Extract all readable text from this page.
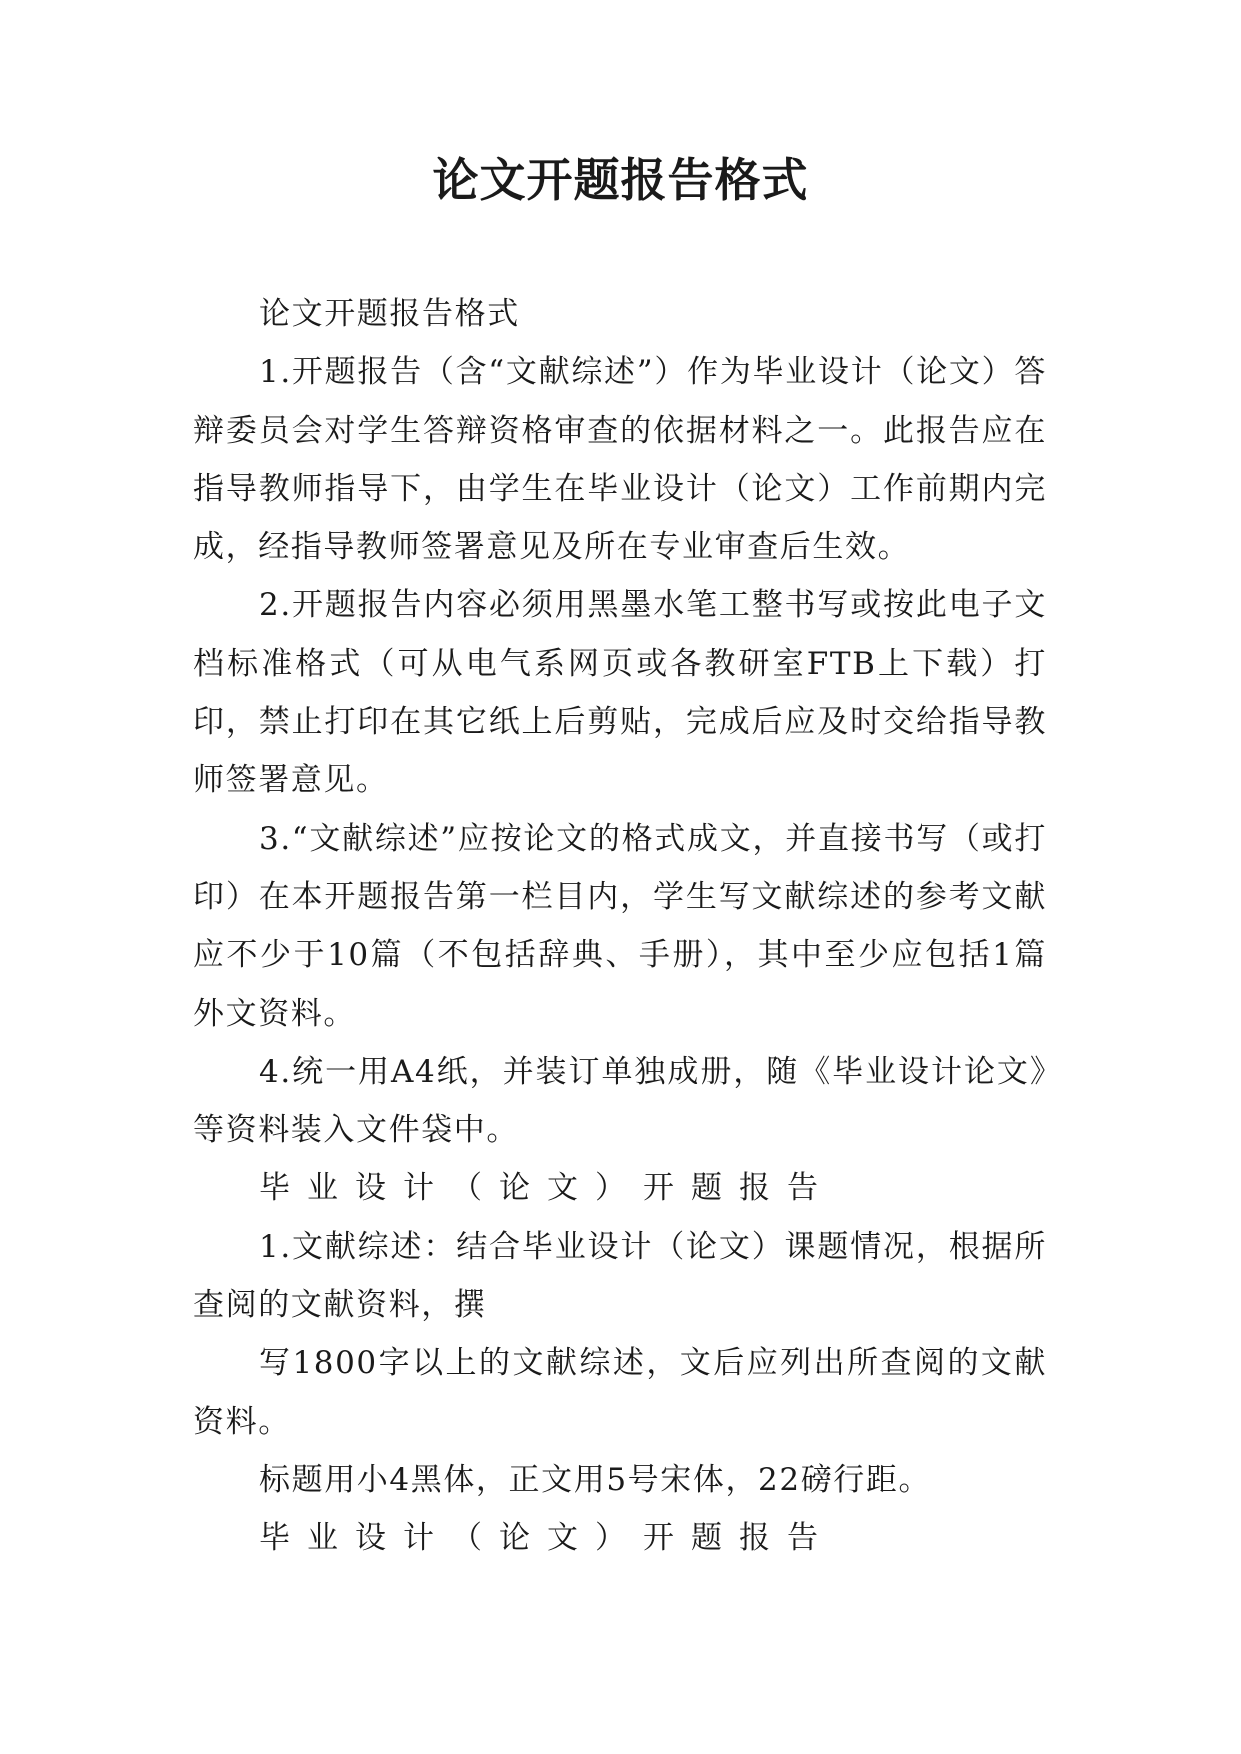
论文开题报告格式

论文开题报告格式

1.开题报告（含“文献综述”）作为毕业设计（论文）答辩委员会对学生答辩资格审查的依据材料之一。此报告应在指导教师指导下，由学生在毕业设计（论文）工作前期内完成，经指导教师签署意见及所在专业审查后生效。

2.开题报告内容必须用黑墨水笔工整书写或按此电子文档标准格式（可从电气系网页或各教研室FTB上下载）打印，禁止打印在其它纸上后剪贴，完成后应及时交给指导教师签署意见。

3.“文献综述”应按论文的格式成文，并直接书写（或打印）在本开题报告第一栏目内，学生写文献综述的参考文献应不少于10篇（不包括辞典、手册），其中至少应包括1篇外文资料。

4.统一用A4纸，并装订单独成册，随《毕业设计论文》等资料装入文件袋中。

毕业设计（论文）开题报告

1.文献综述：结合毕业设计（论文）课题情况，根据所查阅的文献资料，撰

写1800字以上的文献综述，文后应列出所查阅的文献资料。

标题用小4黑体，正文用5号宋体，22磅行距。

毕业设计（论文）开题报告
